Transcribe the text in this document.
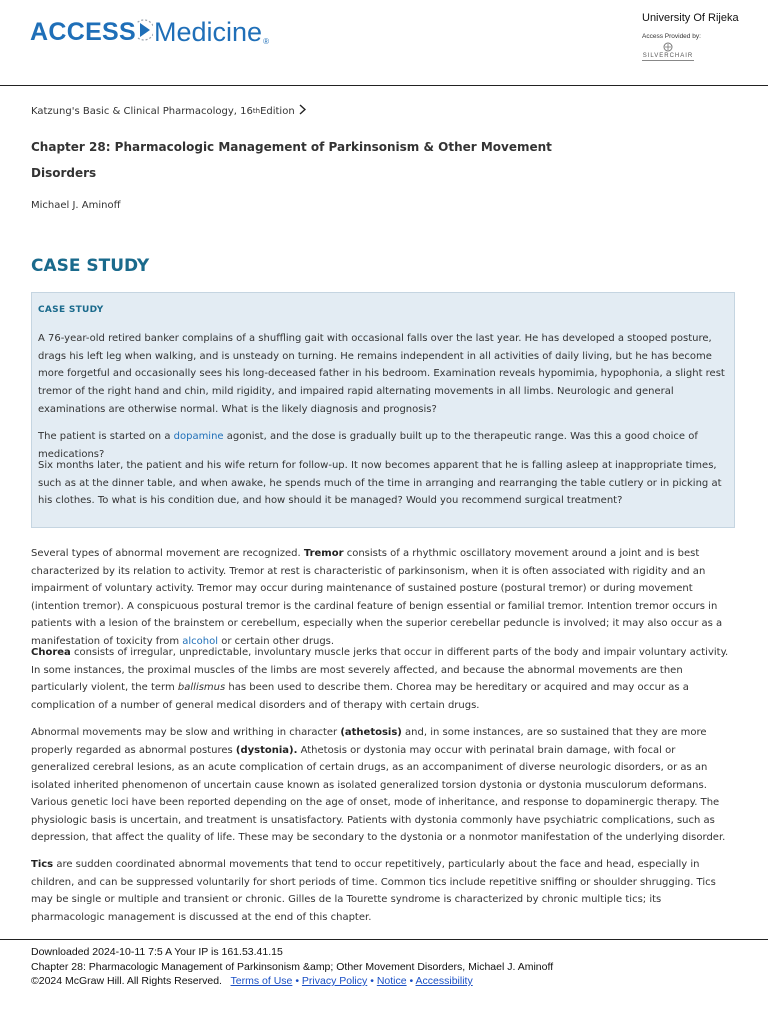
ACCESS Medicine ®
University Of Rijeka
Access Provided by:
SILVERCHAIR
Katzung's Basic & Clinical Pharmacology, 16 th Edition
Chapter 28: Pharmacologic Management of Parkinsonism & Other Movement Disorders
Michael J. Aminoff
CASE STUDY
CASE STUDY

A 76-year-old retired banker complains of a shuffling gait with occasional falls over the last year. He has developed a stooped posture, drags his left leg when walking, and is unsteady on turning. He remains independent in all activities of daily living, but he has become more forgetful and occasionally sees his long-deceased father in his bedroom. Examination reveals hypomimia, hypophonia, a slight rest tremor of the right hand and chin, mild rigidity, and impaired rapid alternating movements in all limbs. Neurologic and general examinations are otherwise normal. What is the likely diagnosis and prognosis?

The patient is started on a dopamine agonist, and the dose is gradually built up to the therapeutic range. Was this a good choice of medications?

Six months later, the patient and his wife return for follow-up. It now becomes apparent that he is falling asleep at inappropriate times, such as at the dinner table, and when awake, he spends much of the time in arranging and rearranging the table cutlery or in picking at his clothes. To what is his condition due, and how should it be managed? Would you recommend surgical treatment?

Several types of abnormal movement are recognized. Tremor consists of a rhythmic oscillatory movement around a joint and is best characterized by its relation to activity. Tremor at rest is characteristic of parkinsonism, when it is often associated with rigidity and an impairment of voluntary activity. Tremor may occur during maintenance of sustained posture (postural tremor) or during movement (intention tremor). A conspicuous postural tremor is the cardinal feature of benign essential or familial tremor. Intention tremor occurs in patients with a lesion of the brainstem or cerebellum, especially when the superior cerebellar peduncle is involved; it may also occur as a manifestation of toxicity from alcohol or certain other drugs.

Chorea consists of irregular, unpredictable, involuntary muscle jerks that occur in different parts of the body and impair voluntary activity. In some instances, the proximal muscles of the limbs are most severely affected, and because the abnormal movements are then particularly violent, the term ballismus has been used to describe them. Chorea may be hereditary or acquired and may occur as a complication of a number of general medical disorders and of therapy with certain drugs.

Abnormal movements may be slow and writhing in character (athetosis) and, in some instances, are so sustained that they are more properly regarded as abnormal postures (dystonia). Athetosis or dystonia may occur with perinatal brain damage, with focal or generalized cerebral lesions, as an acute complication of certain drugs, as an accompaniment of diverse neurologic disorders, or as an isolated inherited phenomenon of uncertain cause known as isolated generalized torsion dystonia or dystonia musculorum deformans. Various genetic loci have been reported depending on the age of onset, mode of inheritance, and response to dopaminergic therapy. The physiologic basis is uncertain, and treatment is unsatisfactory. Patients with dystonia commonly have psychiatric complications, such as depression, that affect the quality of life. These may be secondary to the dystonia or a nonmotor manifestation of the underlying disorder.

Tics are sudden coordinated abnormal movements that tend to occur repetitively, particularly about the face and head, especially in children, and can be suppressed voluntarily for short periods of time. Common tics include repetitive sniffing or shoulder shrugging. Tics may be single or multiple and transient or chronic. Gilles de la Tourette syndrome is characterized by chronic multiple tics; its pharmacologic management is discussed at the end of this chapter.

Downloaded 2024-10-11 7:5 A Your IP is 161.53.41.15
Chapter 28: Pharmacologic Management of Parkinsonism &amp; Other Movement Disorders, Michael J. Aminoff
©2024 McGraw Hill. All Rights Reserved. Terms of Use • Privacy Policy • Notice • Accessibility
